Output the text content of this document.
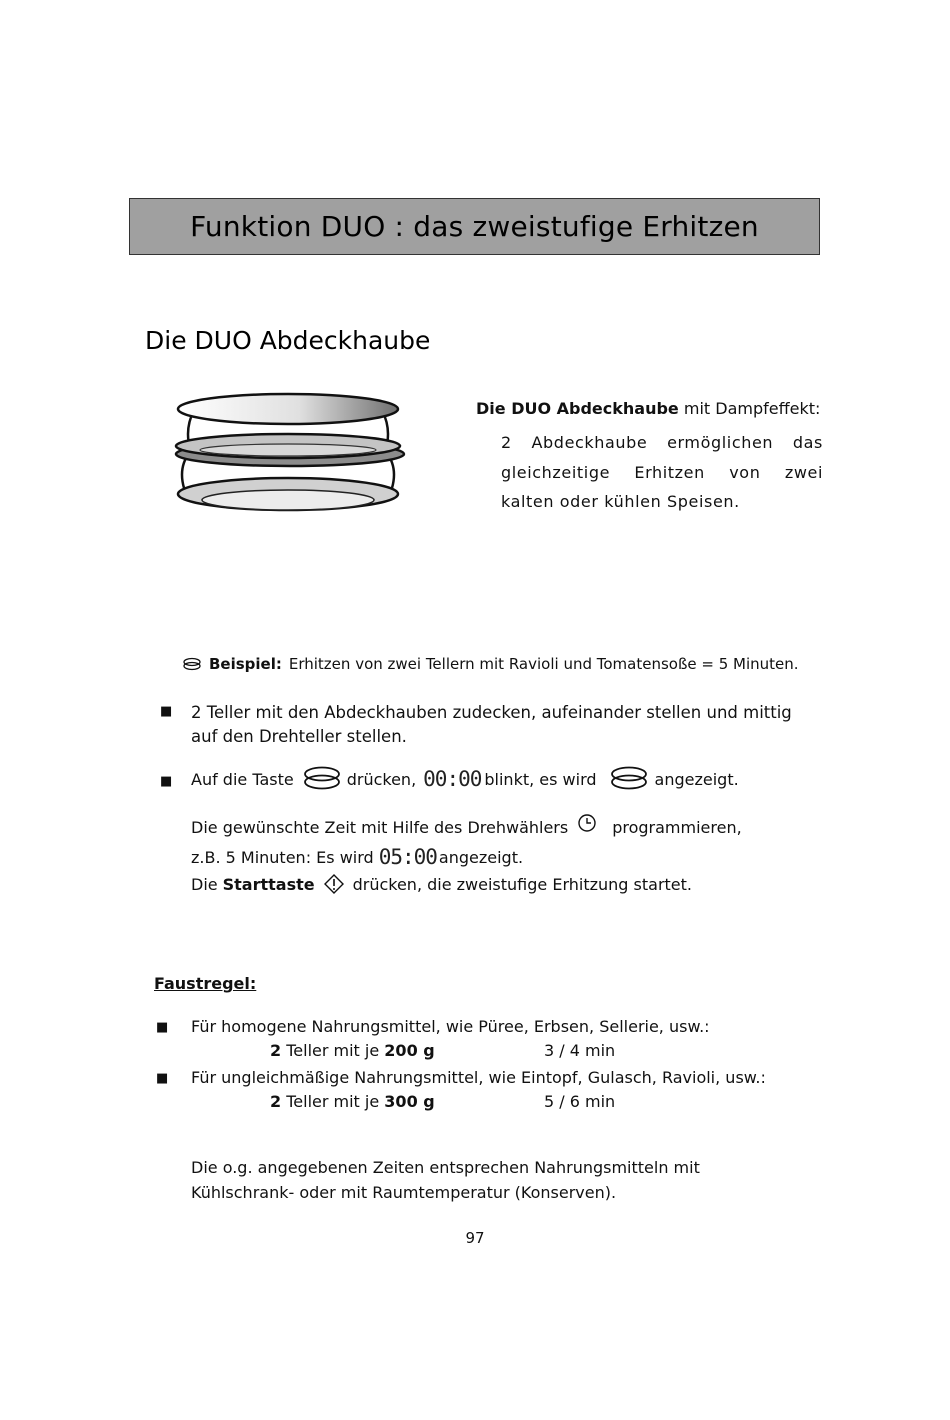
Funktion DUO : das zweistufige Erhitzen
Die DUO Abdeckhaube
Die DUO Abdeckhaube mit Dampfeffekt:
2 Abdeckhaube ermöglichen das gleichzeitige Erhitzen von zwei kalten oder kühlen Speisen.
Beispiel: Erhitzen von zwei Tellern mit Ravioli und Tomatensoße = 5 Minuten.
■ 2 Teller mit den Abdeckhauben zudecken, aufeinander stellen und mittig auf den Drehteller stellen.
■ Auf die Taste	drücken, 00:00 blinkt, es wird	angezeigt.
Die gewünschte Zeit mit Hilfe des Drehwählers	programmieren,
z.B. 5 Minuten: Es wird 05:00 angezeigt.
Die Starttaste drücken, die zweistufige Erhitzung startet.
Faustregel:
■ Für homogene Nahrungsmittel, wie Püree, Erbsen, Sellerie, usw.:
2 Teller mit je 200 g	3 / 4 min
■ Für ungleichmäßige Nahrungsmittel, wie Eintopf, Gulasch, Ravioli, usw.:
2 Teller mit je 300 g	5 / 6 min
Die o.g. angegebenen Zeiten entsprechen Nahrungsmitteln mit Kühlschrank- oder mit Raumtemperatur (Konserven).
97
